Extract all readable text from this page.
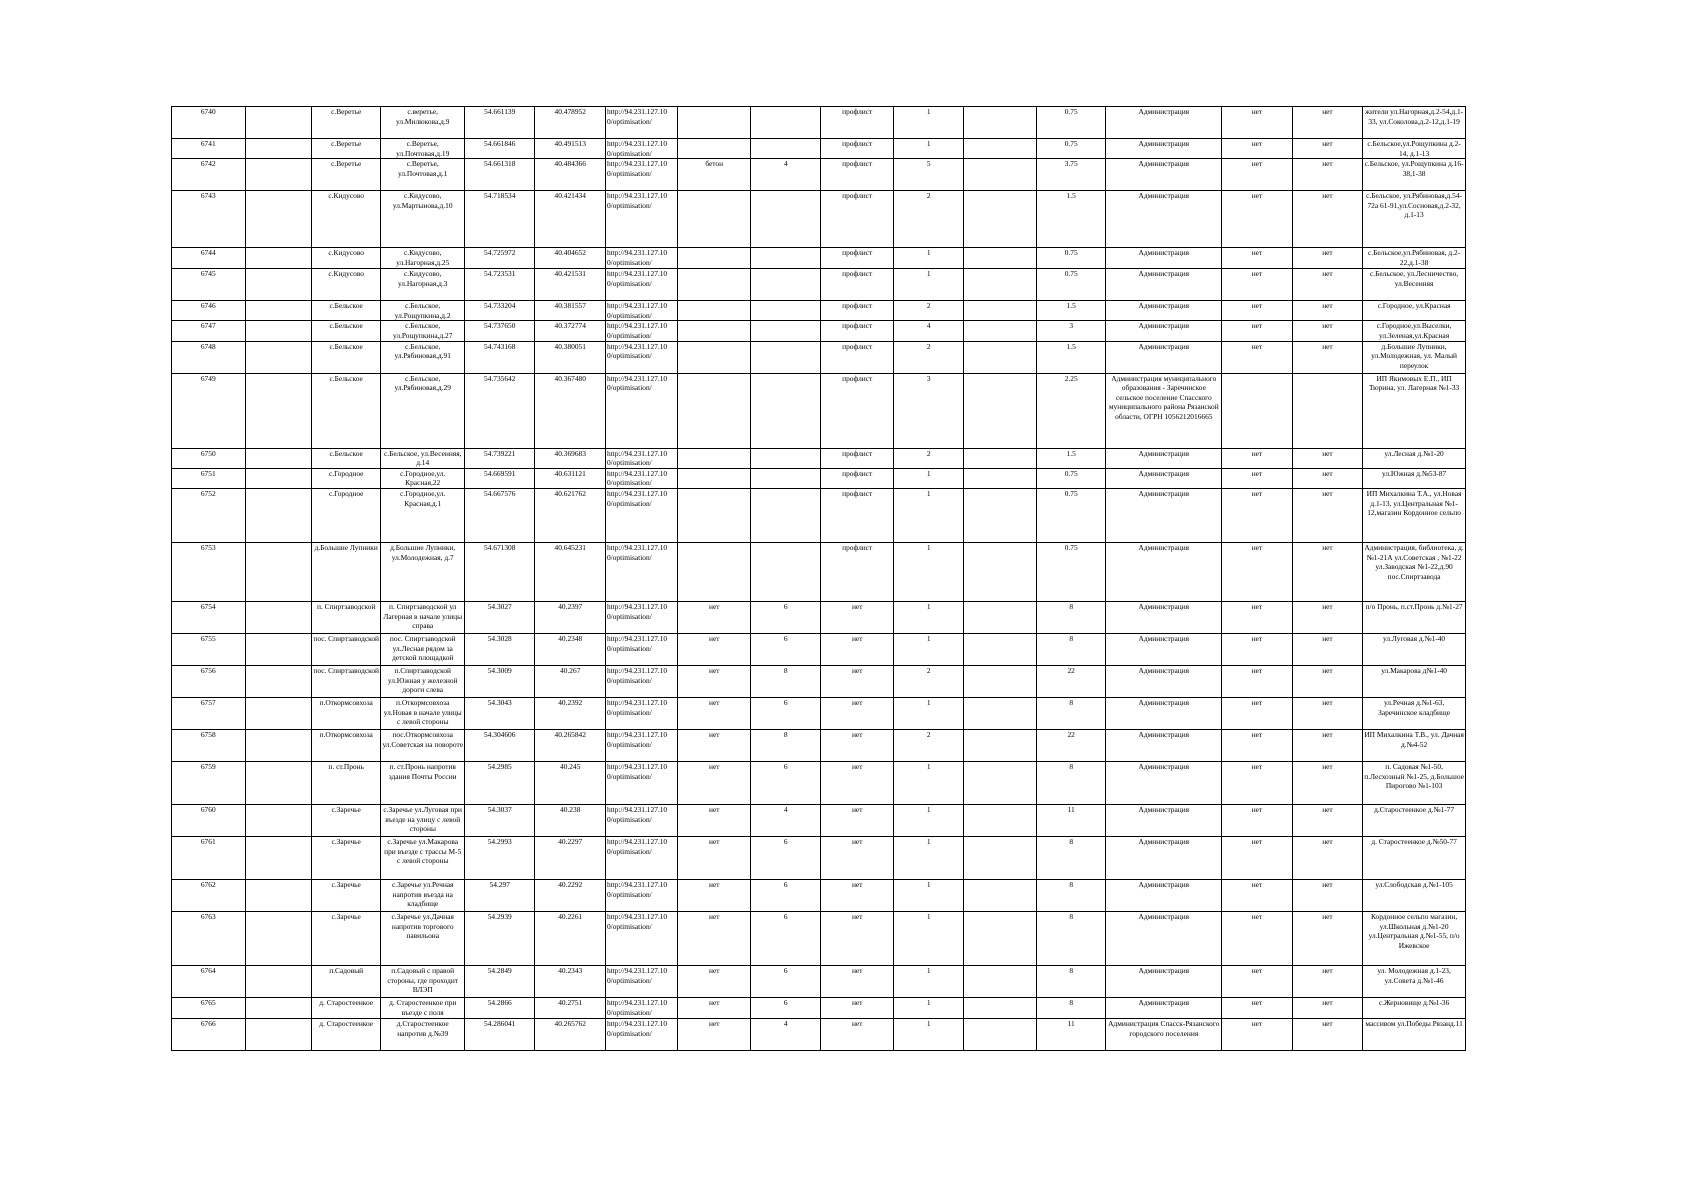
6740		с.Веретье	с.веретье, ул.Милюкова,д.9	54.661139	40.478952	http://94.231.127.10 0/optimisation/			профлист	1		0.75	Администрация	нет	нет	жители ул.Нагорная,д.2-54,д.1-33, ул.Соколова,д.2-12,д.1-19
6741		с.Веретье	с.Веретье, ул.Почтовая,д.19	54.661846	40.491513	http://94.231.127.10 0/optimisation/			профлист	1		0.75	Администрация	нет	нет	с.Бельское,ул.Рощупкина д.2-14, д.1-13
6742		с.Веретье	с.Веретье, ул.Почтовая,д.1	54.661318	40.484366	http://94.231.127.10 0/optimisation/	бетон	4	профлист	5		3.75	Администрация	нет	нет	с.Бельское, ул.Рощупкина д.16-38,1-38
6743		с.Кидусово	с.Кидусово, ул.Мартынова,д.10	54.718534	40.421434	http://94.231.127.10 0/optimisation/			профлист	2		1.5	Администрация	нет	нет	с.Бельское, ул.Рябиновая,д.54-72а 61-91,ул.Сосновая,д.2-32, д.1-13
6744		с.Кидусово	с.Кидусово, ул.Нагорная,д.25	54.725972	40.404652	http://94.231.127.10 0/optimisation/			профлист	1		0.75	Администрация	нет	нет	с.Бельское,ул.Рябиновая, д.2-22,д.1-38
6745		с.Кидусово	с.Кидусово, ул.Нагорная,д.3	54.723531	40.421531	http://94.231.127.10 0/optimisation/			профлист	1		0.75	Администрация	нет	нет	с.Бельское, ул.Лесничество, ул.Весенняя
6746		с.Бельское	с.Бельское, ул.Рощупкина,д.2	54.733204	40.381557	http://94.231.127.10 0/optimisation/			профлист	2		1.5	Администрация	нет	нет	с.Городное, ул.Красная
6747		с.Бельское	с.Бельское, ул.Рощупкина,д.27	54.737650	40.372774	http://94.231.127.10 0/optimisation/			профлист	4		3	Администрация	нет	нет	с.Городное,ул.Выселки, ул.Зеленая,ул.Красная
6748		с.Бельское	с.Бельское, ул.Рябиновая,д.91	54.743168	40.380051	http://94.231.127.10 0/optimisation/			профлист	2		1.5	Администрация	нет	нет	д.Большие Лупники, ул.Молодежная, ул. Малый переулок
6749		с.Бельское	с.Бельское, ул.Рябиновая,д.29	54.735642	40.367480	http://94.231.127.10 0/optimisation/			профлист	3		2.25	Администрация муниципального образования - Заречинское сельское поселение Спасского муниципального района Рязанской области, ОГРН 1056212016665			ИП Якимовых Е.П., ИП Тюрина, ул. Лагерная №1-33
6750		с.Бельское	с.Бельское, ул.Весенняя, д.14	54.739221	40.369683	http://94.231.127.10 0/optimisation/			профлист	2		1.5	Администрация	нет	нет	ул.Лесная д.№1-20
6751		с.Городное	с.Городное,ул. Красная,22	54.669591	40.631121	http://94.231.127.10 0/optimisation/			профлист	1		0.75	Администрация	нет	нет	ул.Южная д.№53-87
6752		с.Городное	с.Городное,ул. Красная,д.1	54.667576	40.621762	http://94.231.127.10 0/optimisation/			профлист	1		0.75	Администрация	нет	нет	ИП Михалкина Т.А., ул.Новая д.1-13, ул.Центральная №1-12,магазин Кордонное сельпо
6753		д.Большие Лупники	д.Большие Лупники, ул.Молодежная, д.7	54.671308	40.645231	http://94.231.127.10 0/optimisation/			профлист	1		0.75	Администрация	нет	нет	Администрация, библиотека, д.№1-21А ул.Советская , №1-22 ул.Заводская №1-22,д.90 пос.Спиртзавода
6754		п. Спиртзаводской	п. Спиртзаводской ул Лагерная в начале улицы справа	54.3027	40.2397	http://94.231.127.10 0/optimisation/	нет	6	нет	1		8	Администрация	нет	нет	п/о Пронь, п.ст.Пронь д.№1-27
6755		пос. Спиртзаводской	пос. Спиртзаводской ул.Лесная рядом за детской площадкой	54.3028	40.2348	http://94.231.127.10 0/optimisation/	нет	6	нет	1		8	Администрация	нет	нет	ул.Луговая д.№1-40
6756		пос. Спиртзаводской	п.Спиртзаводской ул.Южная у железной дороги слева	54.3009	40.267	http://94.231.127.10 0/optimisation/	нет	8	нет	2		22	Администрация	нет	нет	ул.Макарова д№1-40
6757		п.Откормсовхоза	п.Откормсовхоза ул.Новая в начале улицы с левой стороны	54.3043	40.2392	http://94.231.127.10 0/optimisation/	нет	6	нет	1		8	Администрация	нет	нет	ул.Речная д.№1-63, Заречинское кладбище
6758		п.Откормсовхоза	пос.Откормсовхоза ул.Советская на повороте	54.304606	40.265842	http://94.231.127.10 0/optimisation/	нет	8	нет	2		22	Администрация	нет	нет	ИП Михалкина Т.В., ул. Дачная д.№4-52
6759		п. ст.Пронь	п. ст.Пронь напротив здания Почты России	54.2985	40.245	http://94.231.127.10 0/optimisation/	нет	6	нет	1		8	Администрация	нет	нет	п. Садовая №1-50, п.Лесхозный №1-25, д.Большое Пирогово №1-103
6760		с.Заречье	с.Заречье ул.Луговая при въезде на улицу с левой стороны	54.3037	40.238	http://94.231.127.10 0/optimisation/	нет	4	нет	1		11	Администрация	нет	нет	д.Старостеенкое д.№1-77
6761		с.Заречье	с.Заречье ул.Макарова при въезде с трассы М-5 с левой стороны	54.2993	40.2297	http://94.231.127.10 0/optimisation/	нет	6	нет	1		8	Администрация	нет	нет	д. Старостеенкое д.№50-77
6762		с.Заречье	с.Заречье ул.Речная напротив въезда на кладбище	54.297	40.2292	http://94.231.127.10 0/optimisation/	нет	6	нет	1		8	Администрация	нет	нет	ул.Слободская д.№1-105
6763		с.Заречье	с.Заречье ул.Дачная напротив торгового павильона	54.2939	40.2261	http://94.231.127.10 0/optimisation/	нет	6	нет	1		8	Администрация	нет	нет	Кордонное сельпо магазин, ул.Школьная д.№1-20 ул.Центральная д.№1-55, п/о Ижевское
6764		п.Садовый	п.Садовый с правой стороны, где проходит ВЛЭП	54.2849	40.2343	http://94.231.127.10 0/optimisation/	нет	6	нет	1		8	Администрация	нет	нет	ул. Молодежная д.1-23, ул.Совета д.№1-46
6765		д. Старостеенкое	д. Старостеенкое при въезде с поля	54.2866	40.2751	http://94.231.127.10 0/optimisation/	нет	6	нет	1		8	Администрация	нет	нет	с.Жерновище д.№1-36
6766		д. Старостеенкое	д.Старостеенкое напротив д.№39	54.286041	40.265762	http://94.231.127.10 0/optimisation/	нет	4	нет	1		11	Администрация Спасск-Рязанского городского поселения	нет	нет	массивом ул.Победы Рязанд.11
